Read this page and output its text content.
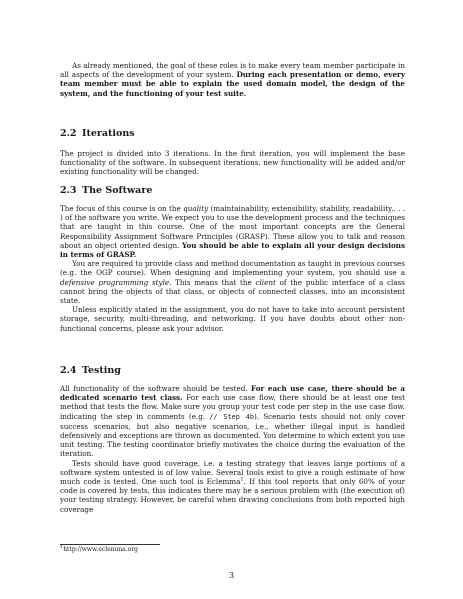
As already mentioned, the goal of these roles is to make every team member participate in all aspects of the development of your system. During each presentation or demo, every team member must be able to explain the used domain model, the design of the system, and the functioning of your test suite.

2.2 Iterations

The project is divided into 3 iterations. In the first iteration, you will implement the base functionality of the software. In subsequent iterations, new functionality will be added and/or existing functionality will be changed.

2.3 The Software

The focus of this course is on the quality (maintainability, extensibility, stability, readability,. . . ) of the software you write. We expect you to use the development process and the techniques that are taught in this course. One of the most important concepts are the General Responsibility Assignment Software Principles (GRASP). These allow you to talk and reason about an object oriented design. You should be able to explain all your design decisions in terms of GRASP.

You are required to provide class and method documentation as taught in previous courses (e.g. the OGP course). When designing and implementing your system, you should use a defensive programming style. This means that the client of the public interface of a class cannot bring the objects of that class, or objects of connected classes, into an inconsistent state.

Unless explicitly stated in the assignment, you do not have to take into account persistent storage, security, multi-threading, and networking. If you have doubts about other non-functional concerns, please ask your advisor.

2.4 Testing

All functionality of the software should be tested. For each use case, there should be a dedicated scenario test class. For each use case flow, there should be at least one test method that tests the flow. Make sure you group your test code per step in the use case flow, indicating the step in comments (e.g. // Step 4b). Scenario tests should not only cover success scenarios, but also negative scenarios, i.e., whether illegal input is handled defensively and exceptions are thrown as documented. You determine to which extent you use unit testing. The testing coordinator briefly motivates the choice during the evaluation of the iteration.

Tests should have good coverage, i.e. a testing strategy that leaves large portions of a software system untested is of low value. Several tools exist to give a rough estimate of how much code is tested. One such tool is Eclemma$^1$. If this tool reports that only 60% of your code is covered by tests, this indicates there may be a serious problem with (the execution of) your testing strategy. However, be careful when drawing conclusions from both reported high coverage

$^1$http://www.eclemma.org
3
